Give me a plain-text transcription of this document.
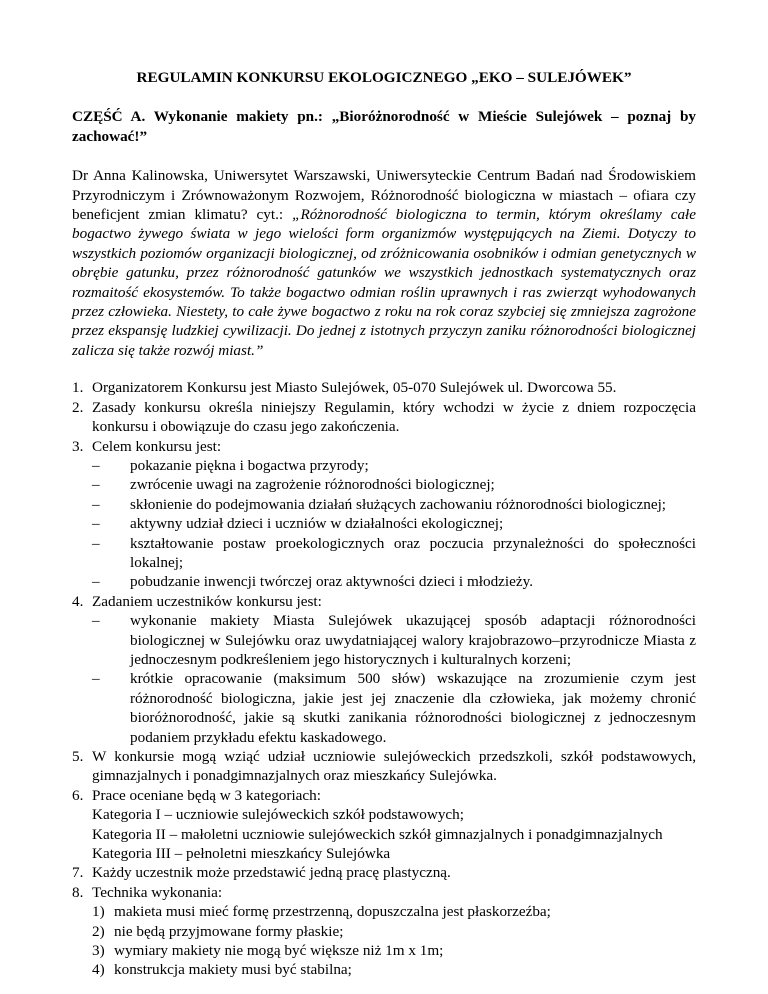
REGULAMIN KONKURSU EKOLOGICZNEGO „EKO – SULEJÓWEK”

CZĘŚĆ A. Wykonanie makiety pn.: „Bioróżnorodność w Mieście Sulejówek – poznaj by zachować!”

Dr Anna Kalinowska, Uniwersytet Warszawski, Uniwersyteckie Centrum Badań nad Środowiskiem Przyrodniczym i Zrównoważonym Rozwojem, Różnorodność biologiczna w miastach – ofiara czy beneficjent zmian klimatu? cyt.: „Różnorodność biologiczna to termin, którym określamy całe bogactwo żywego świata w jego wielości form organizmów występujących na Ziemi. Dotyczy to wszystkich poziomów organizacji biologicznej, od zróżnicowania osobników i odmian genetycznych w obrębie gatunku, przez różnorodność gatunków we wszystkich jednostkach systematycznych oraz rozmaitość ekosystemów. To także bogactwo odmian roślin uprawnych i ras zwierząt wyhodowanych przez człowieka. Niestety, to całe żywe bogactwo z roku na rok coraz szybciej się zmniejsza zagrożone przez ekspansję ludzkiej cywilizacji. Do jednej z istotnych przyczyn zaniku różnorodności biologicznej zalicza się także rozwój miast.”

1. Organizatorem Konkursu jest Miasto Sulejówek, 05-070 Sulejówek ul. Dworcowa 55.
2. Zasady konkursu określa niniejszy Regulamin, który wchodzi w życie z dniem rozpoczęcia konkursu i obowiązuje do czasu jego zakończenia.
3. Celem konkursu jest:
– pokazanie piękna i bogactwa przyrody;
– zwrócenie uwagi na zagrożenie różnorodności biologicznej;
– skłonienie do podejmowania działań służących zachowaniu różnorodności biologicznej;
– aktywny udział dzieci i uczniów w działalności ekologicznej;
– kształtowanie postaw proekologicznych oraz poczucia przynależności do społeczności lokalnej;
– pobudzanie inwencji twórczej oraz aktywności dzieci i młodzieży.
4. Zadaniem uczestników konkursu jest:
– wykonanie makiety Miasta Sulejówek ukazującej sposób adaptacji różnorodności biologicznej w Sulejówku oraz uwydatniającej walory krajobrazowo–przyrodnicze Miasta z jednoczesnym podkreśleniem jego historycznych i kulturalnych korzeni;
– krótkie opracowanie (maksimum 500 słów) wskazujące na zrozumienie czym jest różnorodność biologiczna, jakie jest jej znaczenie dla człowieka, jak możemy chronić bioróżnorodność, jakie są skutki zanikania różnorodności biologicznej z jednoczesnym podaniem przykładu efektu kaskadowego.
5. W konkursie mogą wziąć udział uczniowie sulejóweckich przedszkoli, szkół podstawowych, gimnazjalnych i ponadgimnazjalnych oraz mieszkańcy Sulejówka.
6. Prace oceniane będą w 3 kategoriach:
Kategoria I – uczniowie sulejóweckich szkół podstawowych;
Kategoria II – małoletni uczniowie sulejóweckich szkół gimnazjalnych i ponadgimnazjalnych
Kategoria III – pełnoletni mieszkańcy Sulejówka
7. Każdy uczestnik może przedstawić jedną pracę plastyczną.
8. Technika wykonania:
1) makieta musi mieć formę przestrzenną, dopuszczalna jest płaskorzeźba;
2) nie będą przyjmowane formy płaskie;
3) wymiary makiety nie mogą być większe niż 1m x 1m;
4) konstrukcja makiety musi być stabilna;
